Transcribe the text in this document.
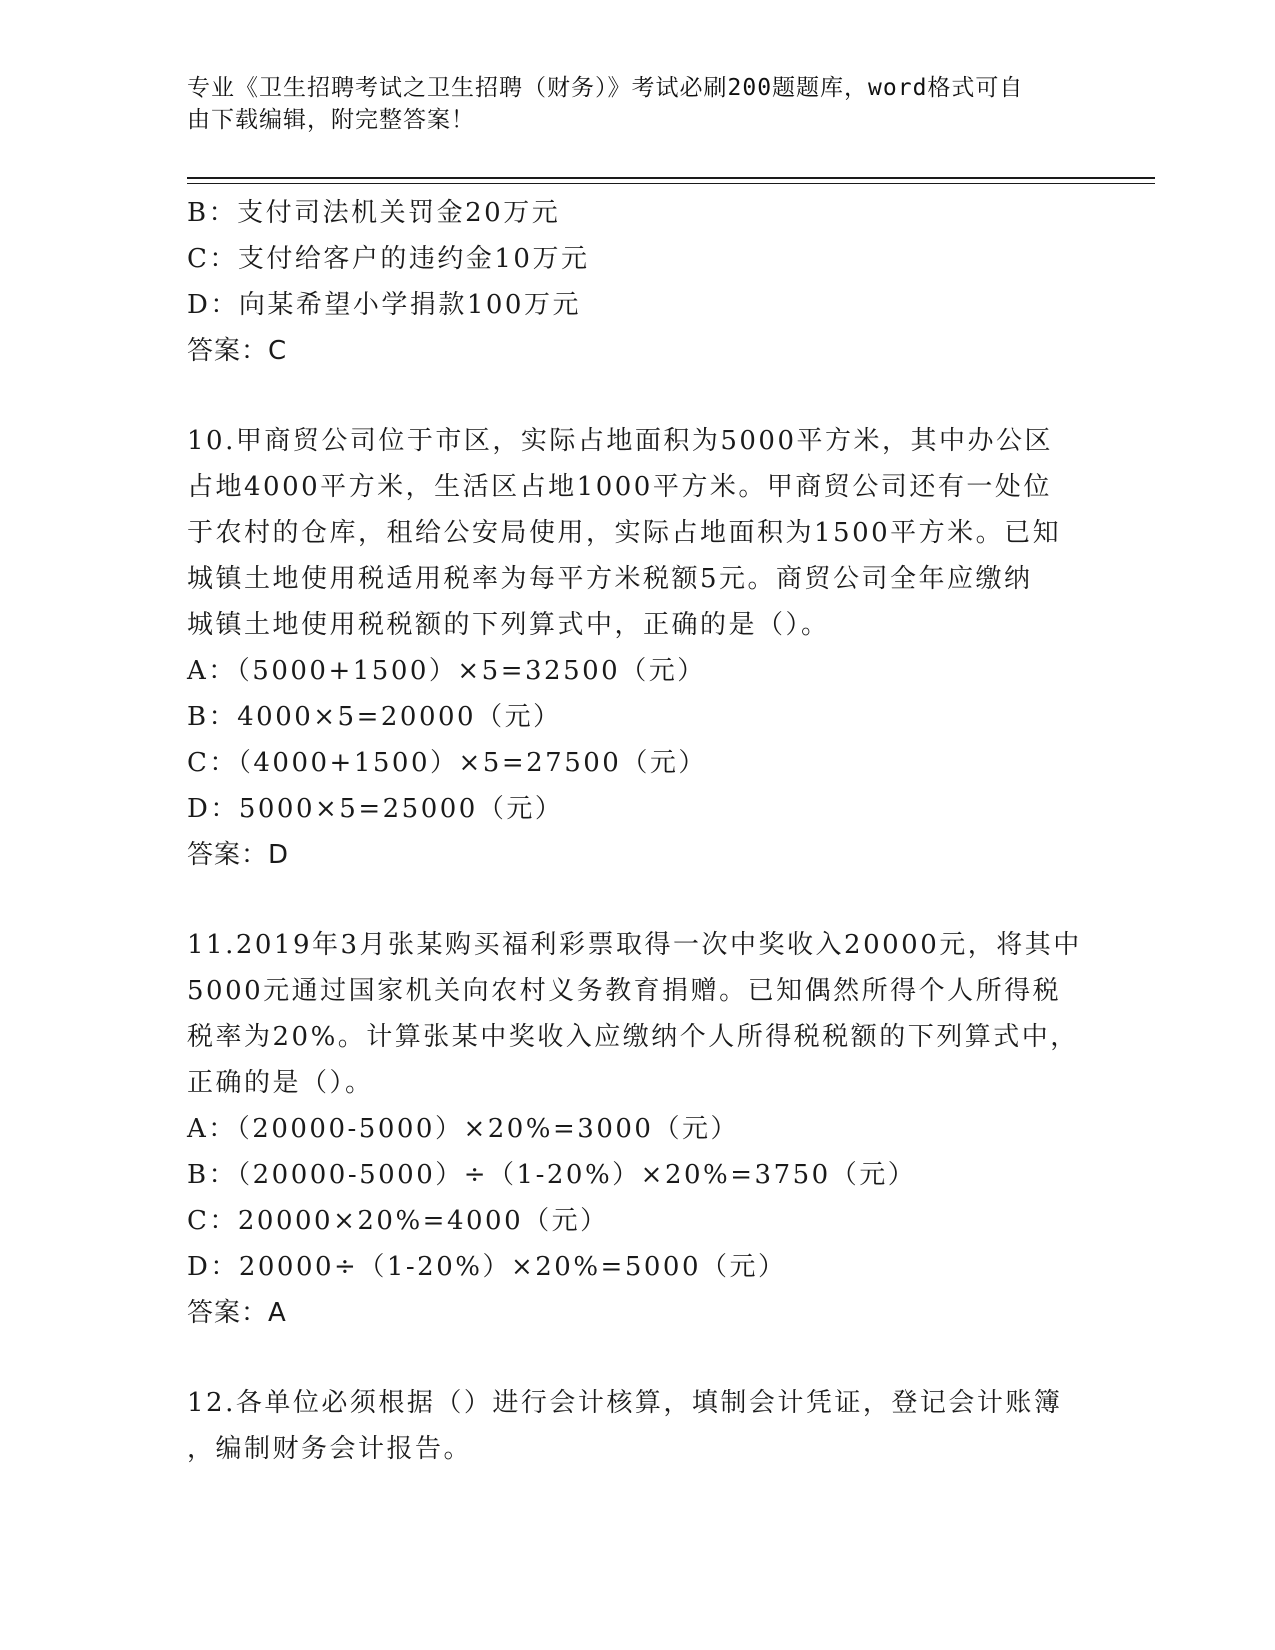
专业《卫生招聘考试之卫生招聘（财务）》考试必刷200题题库，word格式可自
由下载编辑，附完整答案！
B：支付司法机关罚金20万元
C：支付给客户的违约金10万元
D：向某希望小学捐款100万元
答案：C
10.甲商贸公司位于市区，实际占地面积为5000平方米，其中办公区
占地4000平方米，生活区占地1000平方米。甲商贸公司还有一处位
于农村的仓库，租给公安局使用，实际占地面积为1500平方米。已知
城镇土地使用税适用税率为每平方米税额5元。商贸公司全年应缴纳
城镇土地使用税税额的下列算式中，正确的是（）。
A：（5000+1500）×5=32500（元）
B：4000×5=20000（元）
C：（4000+1500）×5=27500（元）
D：5000×5=25000（元）
答案：D
11.2019年3月张某购买福利彩票取得一次中奖收入20000元，将其中
5000元通过国家机关向农村义务教育捐赠。已知偶然所得个人所得税
税率为20%。计算张某中奖收入应缴纳个人所得税税额的下列算式中，
正确的是（）。
A：（20000-5000）×20%=3000（元）
B：（20000-5000）÷（1-20%）×20%=3750（元）
C：20000×20%=4000（元）
D：20000÷（1-20%）×20%=5000（元）
答案：A
12.各单位必须根据（）进行会计核算，填制会计凭证，登记会计账簿
，编制财务会计报告。
